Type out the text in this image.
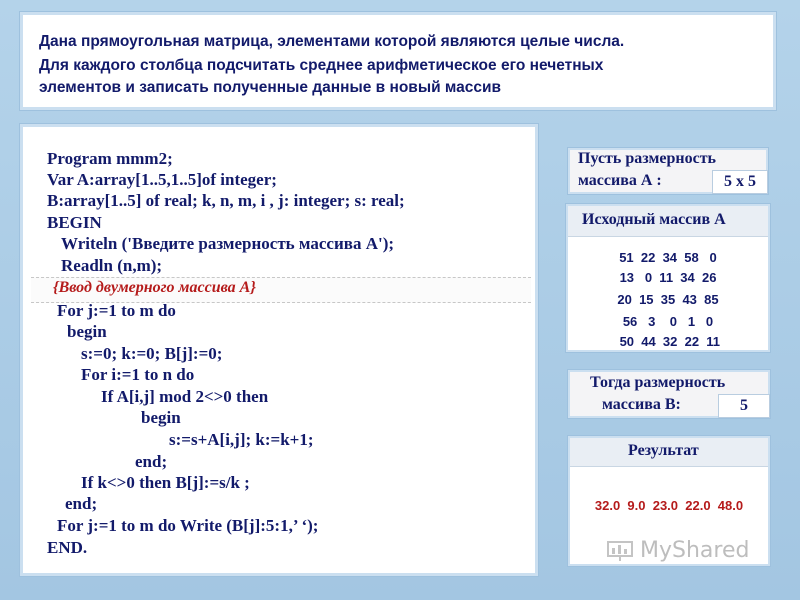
Дана прямоугольная матрица, элементами которой являются целые числа.
Для каждого столбца подсчитать среднее арифметическое его нечетных
элементов и записать полученные данные в новый массив
Program mmm2;
Var A:array[1..5,1..5]of integer;
B:array[1..5] of real; k, n, m, i , j: integer; s: real;
BEGIN
Writeln ('Введите размерность массива А');
Readln (n,m);
{Ввод двумерного массива А}
For j:=1 to m do
begin
s:=0; k:=0; B[j]:=0;
For i:=1 to n do
If A[i,j] mod 2<>0 then
begin
s:=s+A[i,j]; k:=k+1;
end;
If k<>0 then B[j]:=s/k ;
end;
For j:=1 to m do Write (B[j]:5:1,’ ‘);
END.
Пусть размерность
массива А :	5 x 5
Исходный массив А
51  22  34  58   0
13   0  11  34  26
20  15  35  43  85
56   3    0   1   0
50  44  32  22  11
Тогда размерность
массива В:	5
Результат
32.0  9.0  23.0  22.0  48.0
MyShared
